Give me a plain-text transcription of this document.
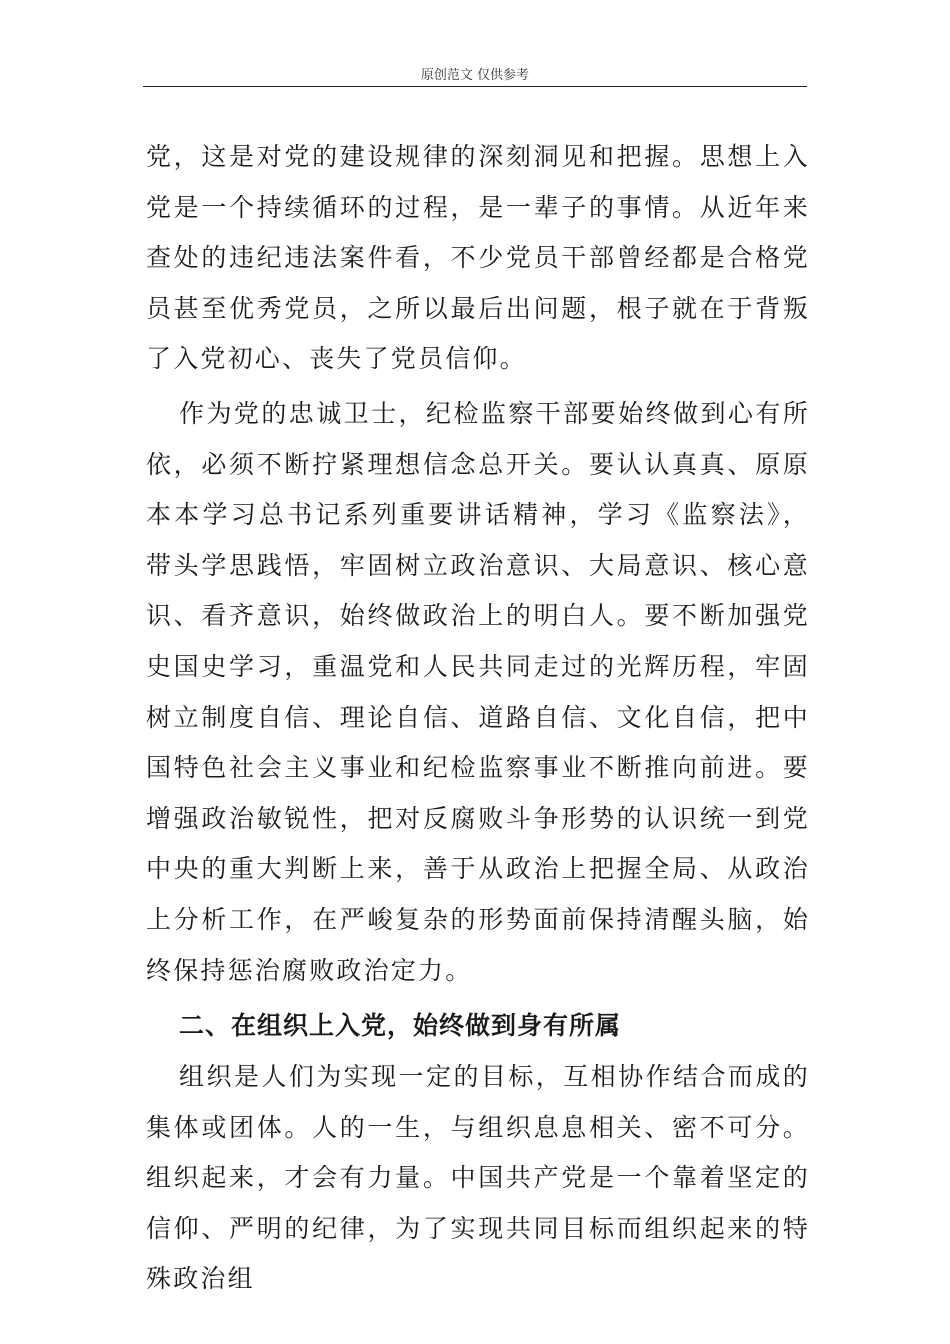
原创范文 仅供参考

党，这是对党的建设规律的深刻洞见和把握。思想上入党是一个持续循环的过程，是一辈子的事情。从近年来查处的违纪违法案件看，不少党员干部曾经都是合格党员甚至优秀党员，之所以最后出问题，根子就在于背叛了入党初心、丧失了党员信仰。

作为党的忠诚卫士，纪检监察干部要始终做到心有所依，必须不断拧紧理想信念总开关。要认认真真、原原本本学习总书记系列重要讲话精神，学习《监察法》，带头学思践悟，牢固树立政治意识、大局意识、核心意识、看齐意识，始终做政治上的明白人。要不断加强党史国史学习，重温党和人民共同走过的光辉历程，牢固树立制度自信、理论自信、道路自信、文化自信，把中国特色社会主义事业和纪检监察事业不断推向前进。要增强政治敏锐性，把对反腐败斗争形势的认识统一到党中央的重大判断上来，善于从政治上把握全局、从政治上分析工作，在严峻复杂的形势面前保持清醒头脑，始终保持惩治腐败政治定力。

二、在组织上入党，始终做到身有所属

组织是人们为实现一定的目标，互相协作结合而成的集体或团体。人的一生，与组织息息相关、密不可分。组织起来，才会有力量。中国共产党是一个靠着坚定的信仰、严明的纪律，为了实现共同目标而组织起来的特殊政治组
